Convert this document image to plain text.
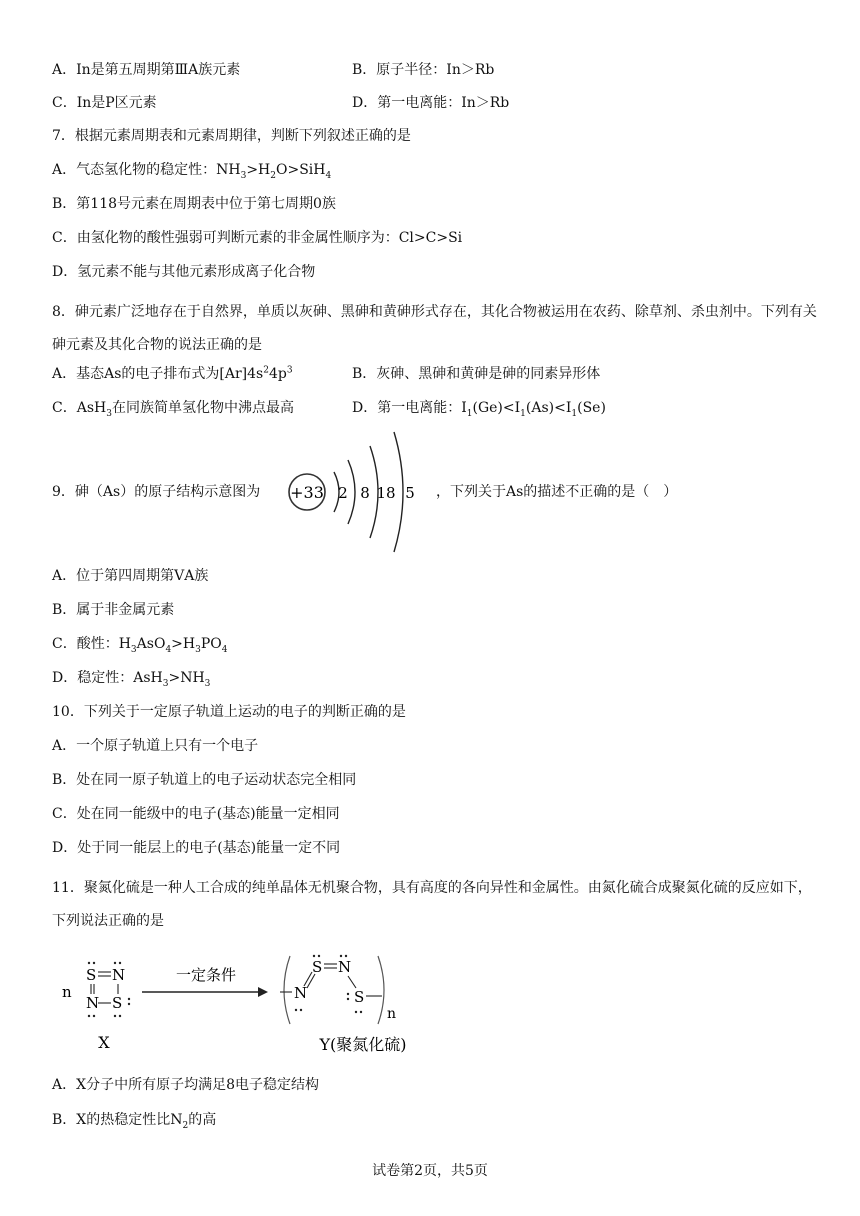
A．In是第五周期第ⅢA族元素	B．原子半径：In＞Rb
C．In是P区元素	D．第一电离能：In＞Rb
7．根据元素周期表和元素周期律，判断下列叙述正确的是
A．气态氢化物的稳定性：$NH_3>H_2O>SiH_4$
B．第118号元素在周期表中位于第七周期0族
C．由氢化物的酸性强弱可判断元素的非金属性顺序为：Cl>C>Si
D．氢元素不能与其他元素形成离子化合物
8．砷元素广泛地存在于自然界，单质以灰砷、黑砷和黄砷形式存在，其化合物被运用在农药、除草剂、杀虫剂中。下列有关砷元素及其化合物的说法正确的是
A．基态As的电子排布式为$[Ar]4s^24p^3$	B．灰砷、黑砷和黄砷是砷的同素异形体
C．AsH$_3$在同族简单氢化物中沸点最高	D．第一电离能：$I_1(Ge)<I_1(As)<I_1(Se)$
9．砷（As）的原子结构示意图为 +33 2 8 18 5 ，下列关于As的描述不正确的是（　）
A．位于第四周期第ⅤA族
B．属于非金属元素
C．酸性：$H_3AsO_4>H_3PO_4$
D．稳定性：$AsH_3>NH_3$
10．下列关于一定原子轨道上运动的电子的判断正确的是
A．一个原子轨道上只有一个电子
B．处在同一原子轨道上的电子运动状态完全相同
C．处在同一能级中的电子(基态)能量一定相同
D．处于同一能层上的电子(基态)能量一定不同
11．聚氮化硫是一种人工合成的纯单晶体无机聚合物，具有高度的各向异性和金属性。由氮化硫合成聚氮化硫的反应如下，下列说法正确的是
n
S N
N S
一定条件
N
S N
S
n
X	Y(聚氮化硫)
A．X分子中所有原子均满足8电子稳定结构
B．X的热稳定性比$N_2$的高
试卷第2页，共5页
